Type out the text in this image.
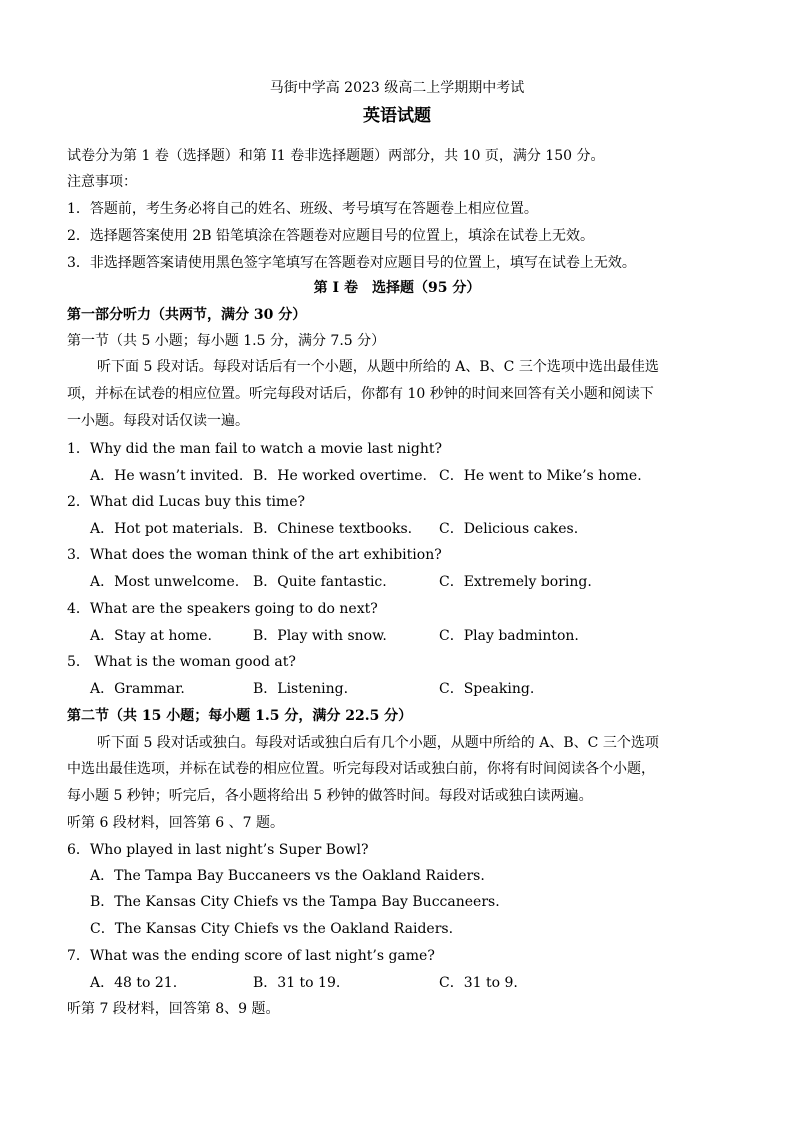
马街中学高 2023 级高二上学期期中考试
英语试题
试卷分为第 1 卷（选择题）和第 I1 卷非选择题题）两部分，共 10 页，满分 150 分。
注意事项：
1．答题前，考生务必将自己的姓名、班级、考号填写在答题卷上相应位置。
2．选择题答案使用 2B 铅笔填涂在答题卷对应题目号的位置上，填涂在试卷上无效。
3．非选择题答案请使用黑色签字笔填写在答题卷对应题目号的位置上，填写在试卷上无效。
第 I 卷　选择题（95 分）
第一部分听力（共两节，满分 30 分）
第一节（共 5 小题；每小题 1.5 分，满分 7.5 分）
听下面 5 段对话。每段对话后有一个小题，从题中所给的 A、B、C 三个选项中选出最佳选
项，并标在试卷的相应位置。听完每段对话后，你都有 10 秒钟的时间来回答有关小题和阅读下
一小题。每段对话仅读一遍。
1．Why did the man fail to watch a movie last night?
A．He wasn’t invited. B．He worked overtime. C．He went to Mike’s home.
2．What did Lucas buy this time?
A．Hot pot materials. B．Chinese textbooks. C．Delicious cakes.
3．What does the woman think of the art exhibition?
A．Most unwelcome. B．Quite fantastic.	C．Extremely boring.
4．What are the speakers going to do next?
A．Stay at home.	B．Play with snow.	C．Play badminton.
5． What is the woman good at?
A．Grammar.	B．Listening.	C．Speaking.
第二节（共 15 小题；每小题 1.5 分，满分 22.5 分）
听下面 5 段对话或独白。每段对话或独白后有几个小题，从题中所给的 A、B、C 三个选项
中选出最佳选项，并标在试卷的相应位置。听完每段对话或独白前，你将有时间阅读各个小题，
每小题 5 秒钟；听完后，各小题将给出 5 秒钟的做答时间。每段对话或独白读两遍。
听第 6 段材料，回答第 6 、7 题。
6．Who played in last night’s Super Bowl?
A．The Tampa Bay Buccaneers vs the Oakland Raiders.
B．The Kansas City Chiefs vs the Tampa Bay Buccaneers.
C．The Kansas City Chiefs vs the Oakland Raiders.
7．What was the ending score of last night’s game?
A．48 to 21.	B．31 to 19.	C．31 to 9.
听第 7 段材料，回答第 8、9 题。
